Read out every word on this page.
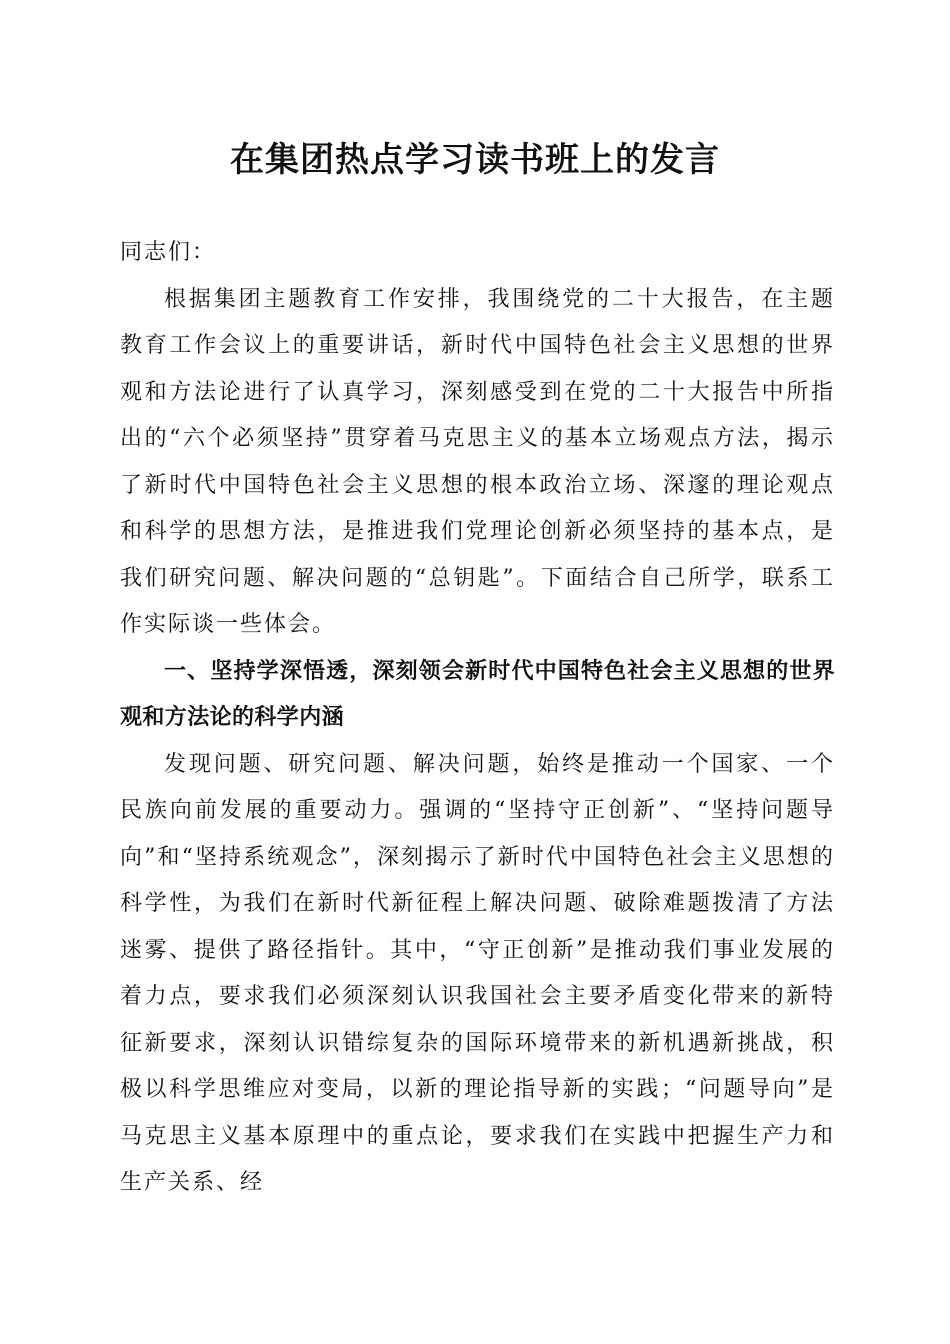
在集团热点学习读书班上的发言

同志们：

根据集团主题教育工作安排，我围绕党的二十大报告，在主题教育工作会议上的重要讲话，新时代中国特色社会主义思想的世界观和方法论进行了认真学习，深刻感受到在党的二十大报告中所指出的“六个必须坚持”贯穿着马克思主义的基本立场观点方法，揭示了新时代中国特色社会主义思想的根本政治立场、深邃的理论观点和科学的思想方法，是推进我们党理论创新必须坚持的基本点，是我们研究问题、解决问题的“总钥匙”。下面结合自己所学，联系工作实际谈一些体会。

一、坚持学深悟透，深刻领会新时代中国特色社会主义思想的世界观和方法论的科学内涵

发现问题、研究问题、解决问题，始终是推动一个国家、一个民族向前发展的重要动力。强调的“坚持守正创新”、“坚持问题导向”和“坚持系统观念”，深刻揭示了新时代中国特色社会主义思想的科学性，为我们在新时代新征程上解决问题、破除难题拨清了方法迷雾、提供了路径指针。其中，“守正创新”是推动我们事业发展的着力点，要求我们必须深刻认识我国社会主要矛盾变化带来的新特征新要求，深刻认识错综复杂的国际环境带来的新机遇新挑战，积极以科学思维应对变局，以新的理论指导新的实践；“问题导向”是马克思主义基本原理中的重点论，要求我们在实践中把握生产力和生产关系、经
